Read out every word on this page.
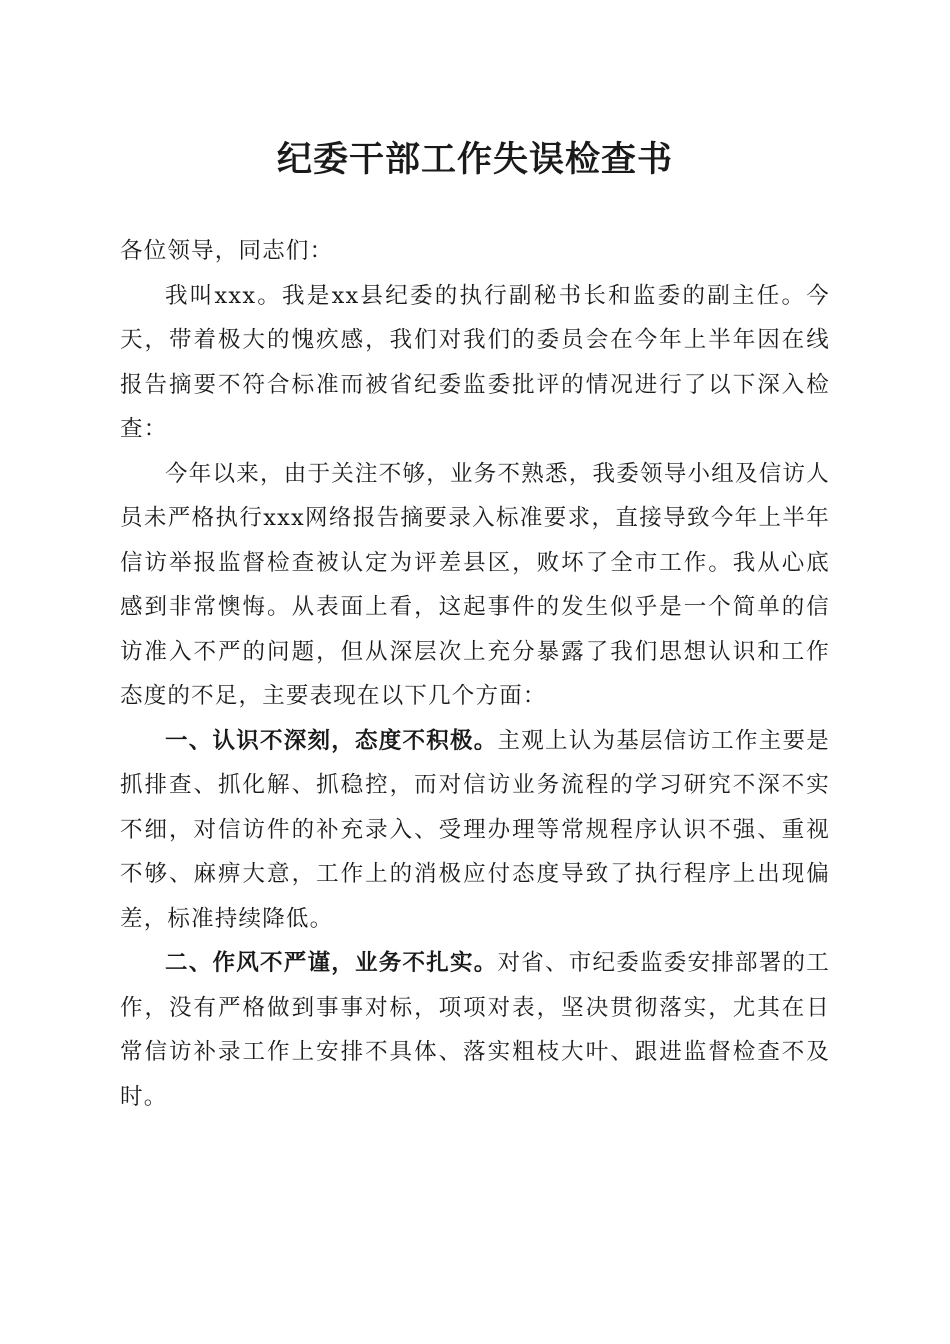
纪委干部工作失误检查书

各位领导，同志们：

我叫xxx。我是xx县纪委的执行副秘书长和监委的副主任。今天，带着极大的愧疚感，我们对我们的委员会在今年上半年因在线报告摘要不符合标准而被省纪委监委批评的情况进行了以下深入检查：

今年以来，由于关注不够，业务不熟悉，我委领导小组及信访人员未严格执行xxx网络报告摘要录入标准要求，直接导致今年上半年信访举报监督检查被认定为评差县区，败坏了全市工作。我从心底感到非常懊悔。从表面上看，这起事件的发生似乎是一个简单的信访准入不严的问题，但从深层次上充分暴露了我们思想认识和工作态度的不足，主要表现在以下几个方面：

一、认识不深刻，态度不积极。主观上认为基层信访工作主要是抓排查、抓化解、抓稳控，而对信访业务流程的学习研究不深不实不细，对信访件的补充录入、受理办理等常规程序认识不强、重视不够、麻痹大意，工作上的消极应付态度导致了执行程序上出现偏差，标准持续降低。

二、作风不严谨，业务不扎实。对省、市纪委监委安排部署的工作，没有严格做到事事对标，项项对表，坚决贯彻落实，尤其在日常信访补录工作上安排不具体、落实粗枝大叶、跟进监督检查不及时。
